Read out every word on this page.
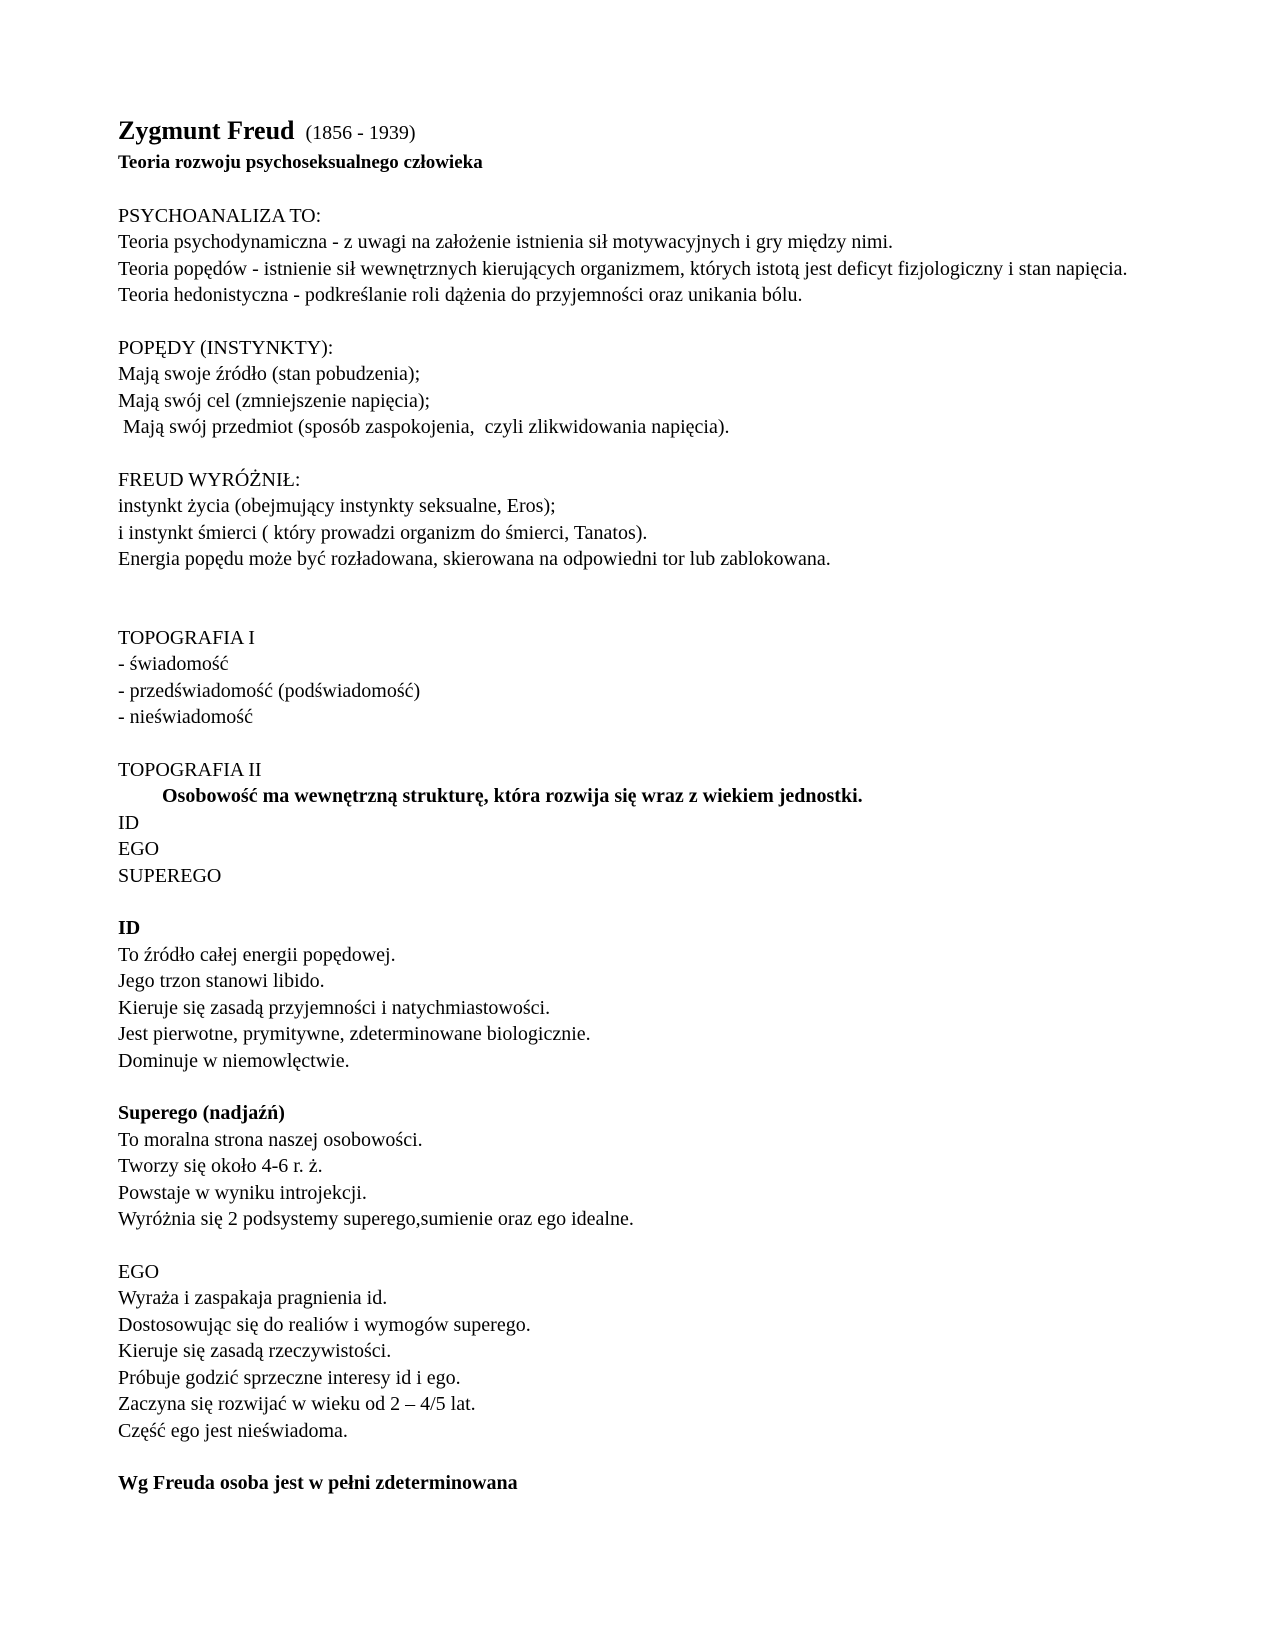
Zygmunt Freud (1856 - 1939)

Teoria rozwoju psychoseksualnego człowieka

PSYCHOANALIZA TO:

Teoria psychodynamiczna - z uwagi na założenie istnienia sił motywacyjnych i gry między nimi.

Teoria popędów - istnienie sił wewnętrznych kierujących organizmem, których istotą jest deficyt fizjologiczny i stan napięcia.

Teoria hedonistyczna - podkreślanie roli dążenia do przyjemności oraz unikania bólu.

POPĘDY (INSTYNKTY):

Mają swoje źródło (stan pobudzenia);

Mają swój cel (zmniejszenie napięcia);

Mają swój przedmiot (sposób zaspokojenia,  czyli zlikwidowania napięcia).

FREUD WYRÓŻNIŁ:

instynkt życia (obejmujący instynkty seksualne, Eros);

i instynkt śmierci ( który prowadzi organizm do śmierci, Tanatos).

Energia popędu może być rozładowana, skierowana na odpowiedni tor lub zablokowana.

TOPOGRAFIA I

- świadomość

- przedświadomość (podświadomość)

- nieświadomość

TOPOGRAFIA II

Osobowość ma wewnętrzną strukturę, która rozwija się wraz z wiekiem jednostki.

ID

EGO

SUPEREGO

ID

To źródło całej energii popędowej.

Jego trzon stanowi libido.

Kieruje się zasadą przyjemności i natychmiastowości.

Jest pierwotne, prymitywne, zdeterminowane biologicznie.

Dominuje w niemowlęctwie.

Superego (nadjaźń)

To moralna strona naszej osobowości.

Tworzy się około 4-6 r. ż.

Powstaje w wyniku introjekcji.

Wyróżnia się 2 podsystemy superego,sumienie oraz ego idealne.

EGO

Wyraża i zaspakaja pragnienia id.

Dostosowując się do realiów i wymogów superego.

Kieruje się zasadą rzeczywistości.

Próbuje godzić sprzeczne interesy id i ego.

Zaczyna się rozwijać w wieku od 2 – 4/5 lat.

Część ego jest nieświadoma.

Wg Freuda osoba jest w pełni zdeterminowana
